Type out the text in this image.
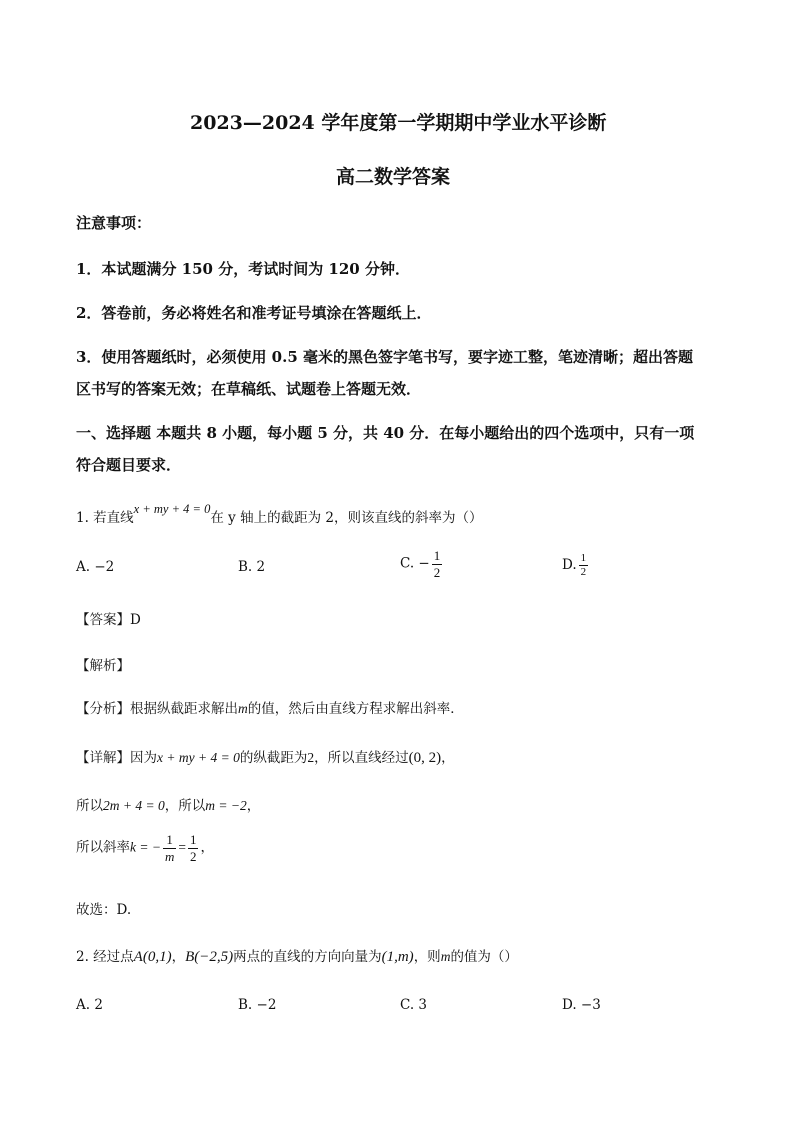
2023—2024 学年度第一学期期中学业水平诊断
高二数学答案
注意事项：
1．本试题满分 150 分，考试时间为 120 分钟．
2．答卷前，务必将姓名和准考证号填涂在答题纸上．
3．使用答题纸时，必须使用 0.5 毫米的黑色签字笔书写，要字迹工整，笔迹清晰；超出答题
区书写的答案无效；在草稿纸、试题卷上答题无效．
一、选择题 本题共 8 小题，每小题 5 分，共 40 分．在每小题给出的四个选项中，只有一项
符合题目要求．
1. 若直线x + my + 4 = 0在 y 轴上的截距为 2，则该直线的斜率为（）
A. −2	B. 2	C. − $\frac{1}{2}$	D. $\frac{1}{2}$
【答案】D
【解析】
【分析】根据纵截距求解出m的值，然后由直线方程求解出斜率．
【详解】因为x + my + 4 = 0的纵截距为2，所以直线经过(0, 2)，
所以2m + 4 = 0，所以m = −2，
所以斜率k = − $\frac{1}{m} = \frac{1}{2}$ ，
故选：D.
2. 经过点A(0,1)，B(−2,5)两点的直线的方向向量为(1,m)，则m的值为（）
A. 2	B. −2	C. 3	D. −3
